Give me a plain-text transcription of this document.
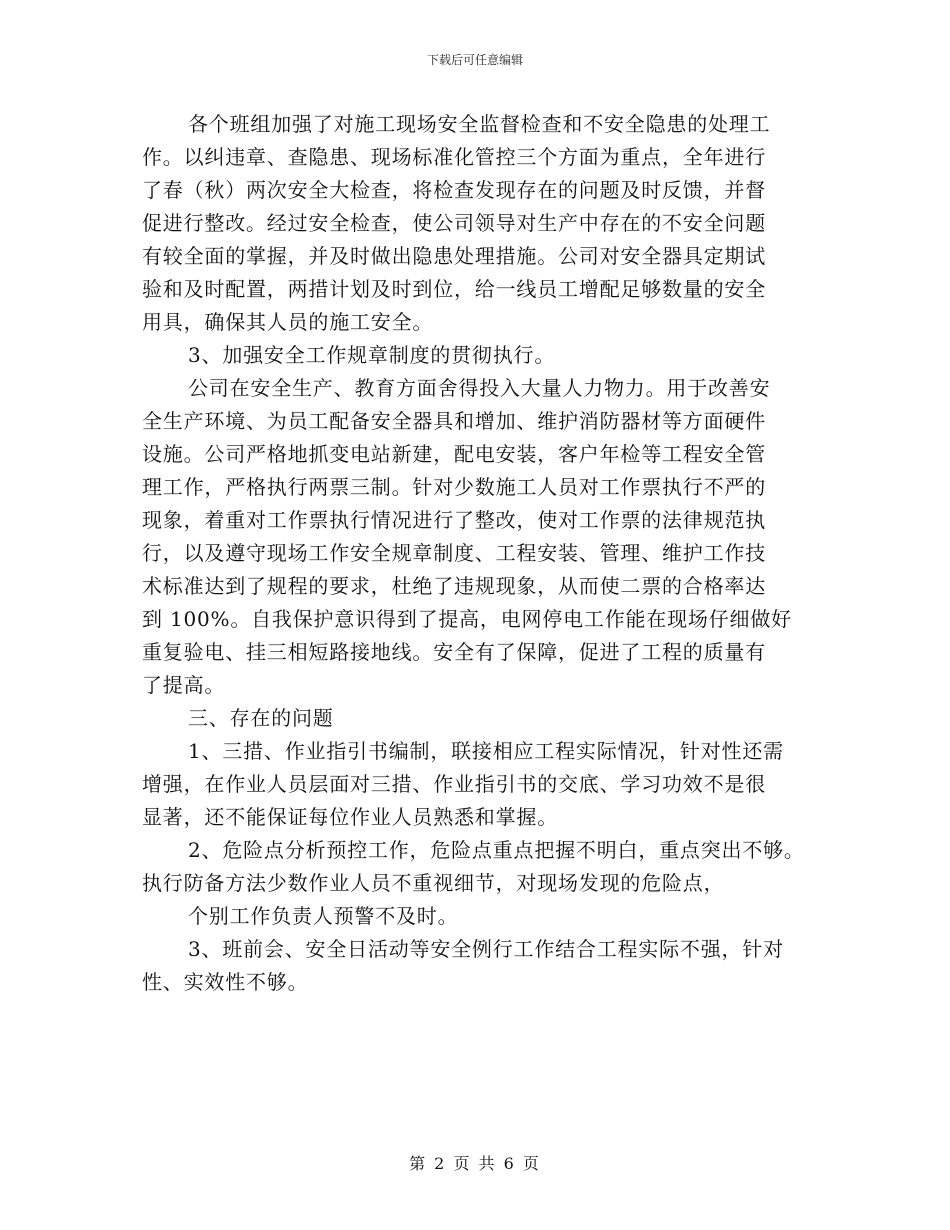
下载后可任意编辑
各个班组加强了对施工现场安全监督检查和不安全隐患的处理工
作。以纠违章、查隐患、现场标准化管控三个方面为重点，全年进行
了春（秋）两次安全大检查，将检查发现存在的问题及时反馈，并督
促进行整改。经过安全检查，使公司领导对生产中存在的不安全问题
有较全面的掌握，并及时做出隐患处理措施。公司对安全器具定期试
验和及时配置，两措计划及时到位，给一线员工增配足够数量的安全
用具，确保其人员的施工安全。
3、加强安全工作规章制度的贯彻执行。
公司在安全生产、教育方面舍得投入大量人力物力。用于改善安
全生产环境、为员工配备安全器具和增加、维护消防器材等方面硬件
设施。公司严格地抓变电站新建，配电安装，客户年检等工程安全管
理工作，严格执行两票三制。针对少数施工人员对工作票执行不严的
现象，着重对工作票执行情况进行了整改，使对工作票的法律规范执
行，以及遵守现场工作安全规章制度、工程安装、管理、维护工作技
术标准达到了规程的要求，杜绝了违规现象，从而使二票的合格率达
到 100%。自我保护意识得到了提高，电网停电工作能在现场仔细做好
重复验电、挂三相短路接地线。安全有了保障，促进了工程的质量有
了提高。
三、存在的问题
1、三措、作业指引书编制，联接相应工程实际情况，针对性还需
增强，在作业人员层面对三措、作业指引书的交底、学习功效不是很
显著，还不能保证每位作业人员熟悉和掌握。
2、危险点分析预控工作，危险点重点把握不明白，重点突出不够。
执行防备方法少数作业人员不重视细节，对现场发现的危险点，
个别工作负责人预警不及时。
3、班前会、安全日活动等安全例行工作结合工程实际不强，针对
性、实效性不够。
第 2 页 共 6 页
